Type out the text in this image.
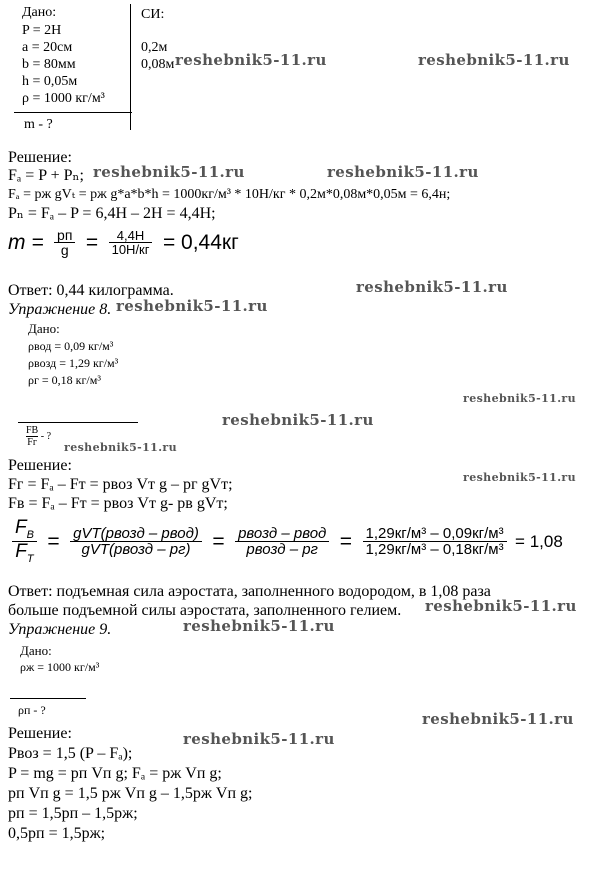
Дано:
P = 2H
a = 20см
b = 80мм
h = 0,05м
ρ = 1000 кг/м³
m - ?
СИ:
0,2м
0,08м reshebnik5-11.ru	reshebnik5-11.ru
Решение:
Fₐ = P + Pₙ; reshebnik5-11.ru	reshebnik5-11.ru
Fₐ = pж gVₜ = pж g*a*b*h = 1000кг/м³ * 10Н/кг * 0,2м*0,08м*0,05м = 6,4н;
Pₙ = Fₐ – P = 6,4Н – 2Н = 4,4Н;
$m = \frac{pп}{g} = \frac{4,4Н}{10Н/кг} = 0,44кг$
Ответ: 0,44 килограмма.	reshebnik5-11.ru
Упражнение 8. reshebnik5-11.ru
Дано:
ρвод = 0,09 кг/м³
ρвозд = 1,29 кг/м³
ρг = 0,18 кг/м³
reshebnik5-11.ru
FB
Fг
- ?
reshebnik5-11.ru
reshebnik5-11.ru
Решение:
reshebnik5-11.ru
Fг = Fₐ – Fт = pвоз Vт g – pг gVт;
Fв = Fₐ – Fт = pвоз Vт g- pв gVт;
$\frac{F_B}{F_T} = \frac{\text{gVT(pвозд – pвод)}}{\text{gVT(pвозд – pг)}} = \frac{\text{pвозд – pвод}}{\text{pвозд – pг}} = \frac{\text{1,29кг/м³ – 0,09кг/м³}}{\text{1,29кг/м³ – 0,18кг/м³}} = 1,08$
Ответ: подъемная сила аэростата, заполненного водородом, в 1,08 раза
больше подъемной силы аэростата, заполненного гелием. reshebnik5-11.ru
Упражнение 9.	reshebnik5-11.ru
Дано:
ρж = 1000 кг/м³
ρп - ?	reshebnik5-11.ru
Решение:	reshebnik5-11.ru
Pвоз = 1,5 (P – Fₐ);
P = mg = pп Vп g; Fₐ = pж Vп g;
pп Vп g = 1,5 pж Vп g – 1,5pж Vп g;
pп = 1,5pп – 1,5pж;
0,5pп = 1,5pж;
